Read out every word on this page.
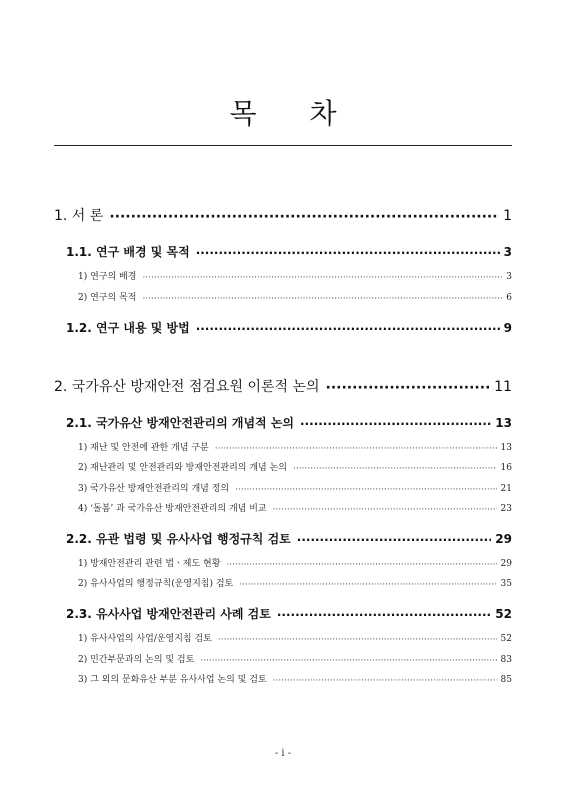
목 차
1. 서 론 ·····	1
1.1. 연구 배경 및 목적 ·····	3
1) 연구의 배경 ·····	3
2) 연구의 목적 ·····	6
1.2. 연구 내용 및 방법 ·····	9
2. 국가유산 방재안전 점검요원 이론적 논의 ·····	11
2.1. 국가유산 방재안전관리의 개념적 논의 ·····	13
1) 재난 및 안전에 관한 개념 구분 ·····	13
2) 재난관리 및 안전관리와 방재안전관리의 개념 논의 ·····	16
3) 국가유산 방재안전관리의 개념 정의 ·····	21
4) ‘돌봄’ 과 국가유산 방재안전관리의 개념 비교 ·····	23
2.2. 유관 법령 및 유사사업 행정규칙 검토 ·····	29
1) 방재안전관리 관련 법ㆍ제도 현황 ·····	29
2) 유사사업의 행정규칙(운영지침) 검토 ·····	35
2.3. 유사사업 방재안전관리 사례 검토 ·····	52
1) 유사사업의 사업/운영지침 검토 ·····	52
2) 민간부문과의 논의 및 검토 ·····	83
3) 그 외의 문화유산 부분 유사사업 논의 및 검토 ·····	85
- i -
